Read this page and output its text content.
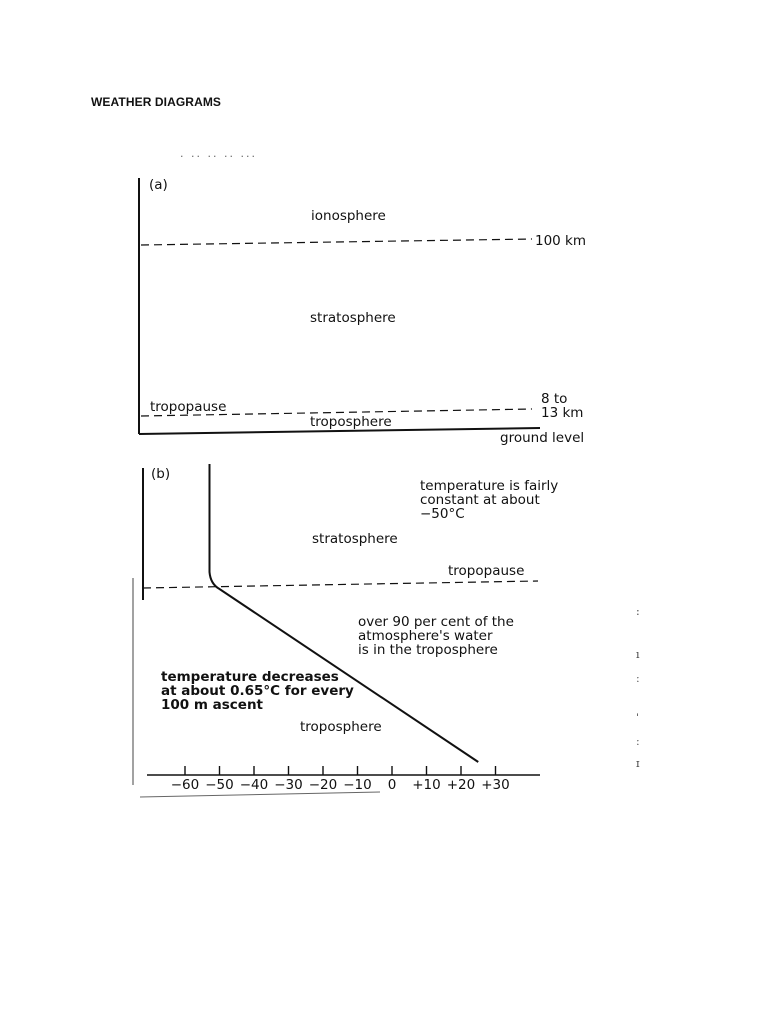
WEATHER DIAGRAMS
· ·· ·· ·· ···
(a)
ionosphere
100 km
stratosphere
tropopause	8 to
13 km
troposphere
ground level
(b)
−60 −50 −40 −30 −20 −10 0 +10 +20 +30
tropopause
stratosphere
temperature is fairly
constant at about
−50°C
over 90 per cent of the
atmosphere's water
is in the troposphere
temperature decreases
at about 0.65°C for every
100 m ascent
troposphere
:
ı
ː
ˈ
ː
ɪ
